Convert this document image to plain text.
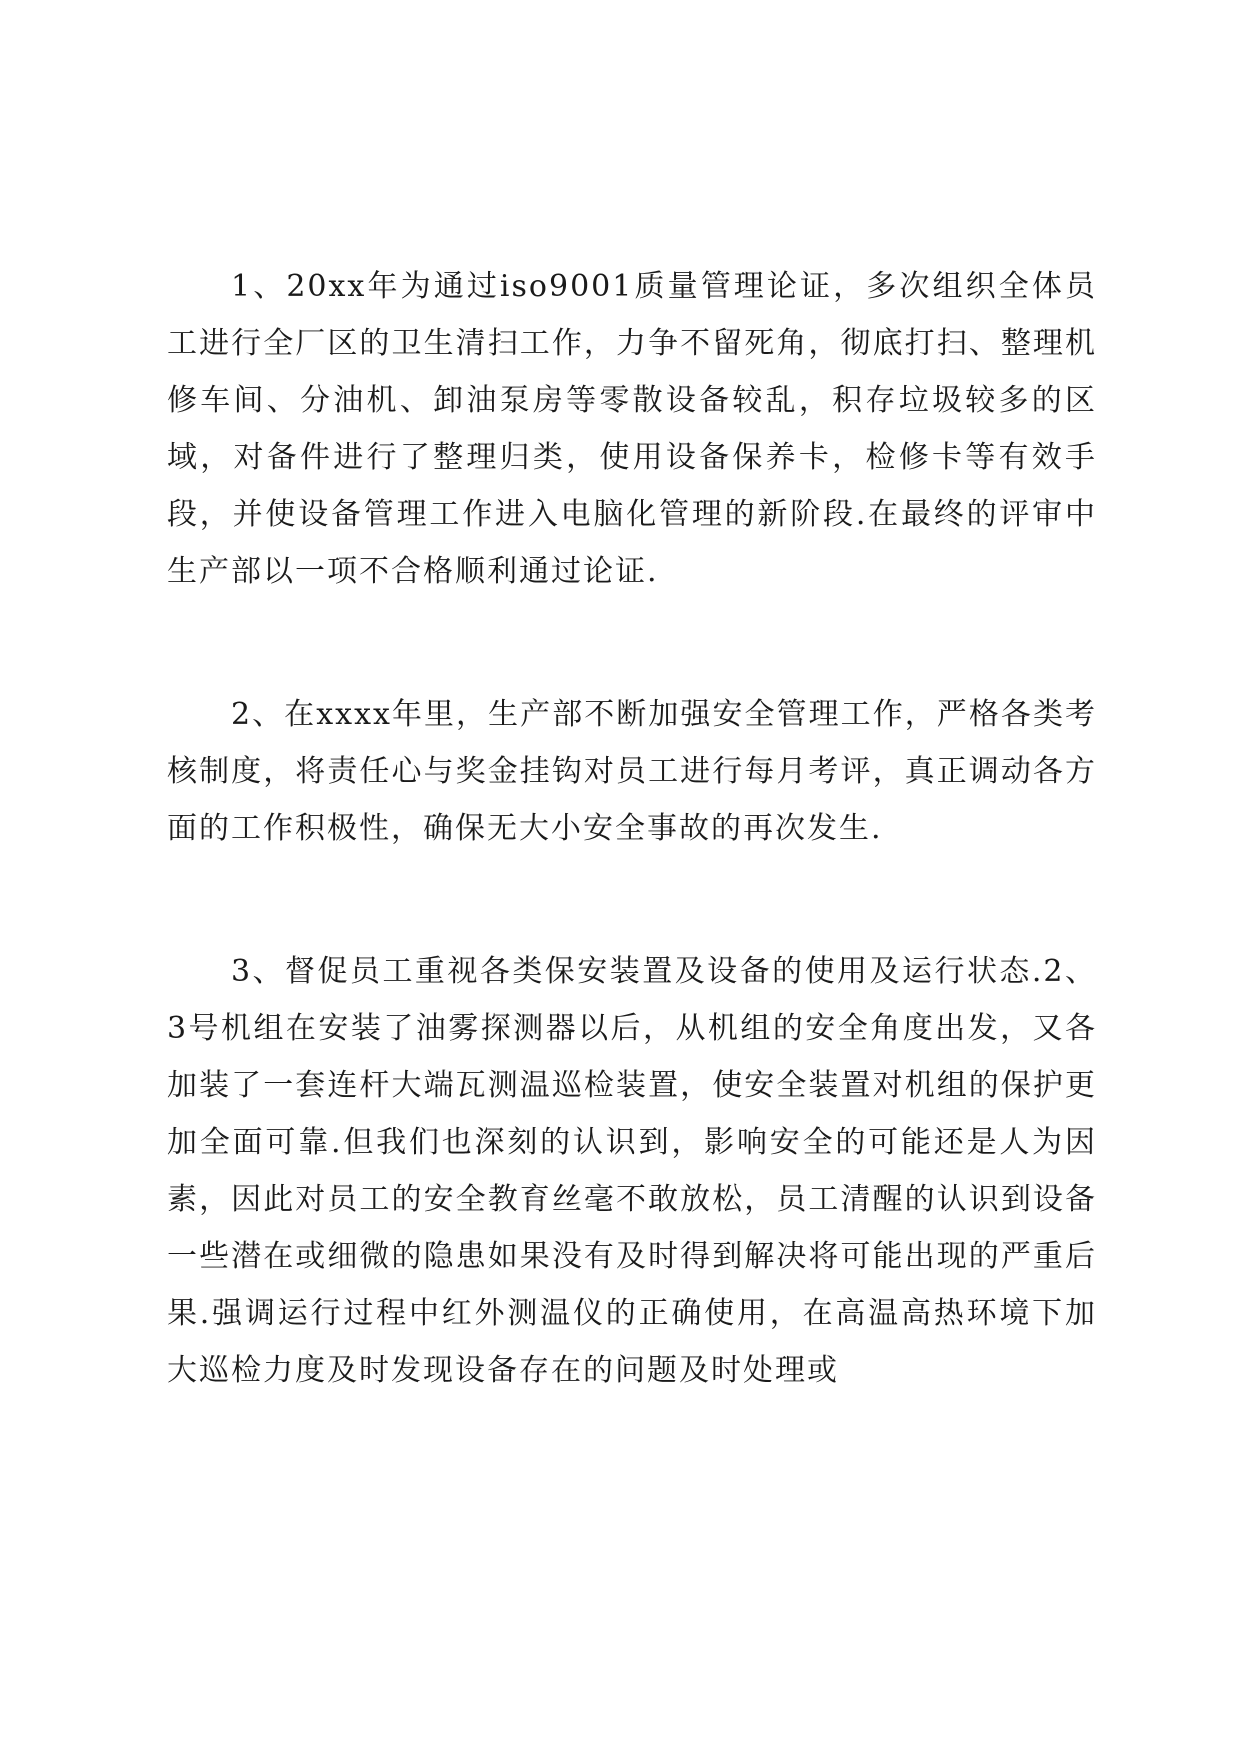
1、20xx年为通过iso9001质量管理论证，多次组织全体员工进行全厂区的卫生清扫工作，力争不留死角，彻底打扫、整理机修车间、分油机、卸油泵房等零散设备较乱，积存垃圾较多的区域，对备件进行了整理归类，使用设备保养卡，检修卡等有效手段，并使设备管理工作进入电脑化管理的新阶段.在最终的评审中生产部以一项不合格顺利通过论证.

2、在xxxx年里，生产部不断加强安全管理工作，严格各类考核制度，将责任心与奖金挂钩对员工进行每月考评，真正调动各方面的工作积极性，确保无大小安全事故的再次发生.

3、督促员工重视各类保安装置及设备的使用及运行状态.2、3号机组在安装了油雾探测器以后，从机组的安全角度出发，又各加装了一套连杆大端瓦测温巡检装置，使安全装置对机组的保护更加全面可靠.但我们也深刻的认识到，影响安全的可能还是人为因素，因此对员工的安全教育丝毫不敢放松，员工清醒的认识到设备一些潜在或细微的隐患如果没有及时得到解决将可能出现的严重后果.强调运行过程中红外测温仪的正确使用，在高温高热环境下加大巡检力度及时发现设备存在的问题及时处理或
